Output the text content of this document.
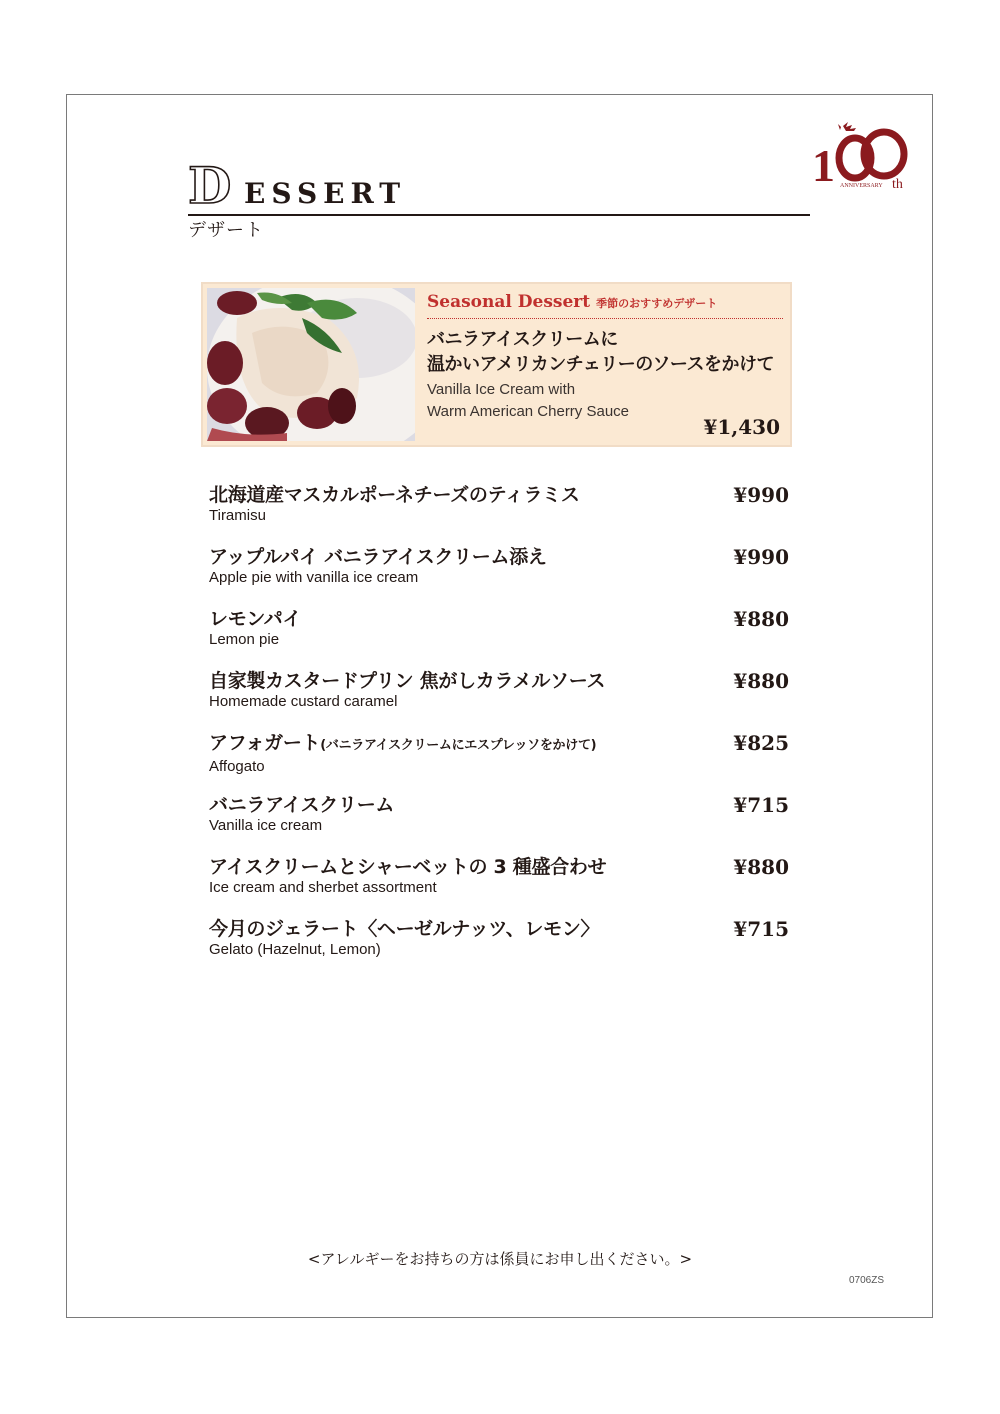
1 ANNIVERSARY th
D ESSERT
デザート
Seasonal Dessert 季節のおすすめデザート
バニラアイスクリームに
温かいアメリカンチェリーのソースをかけて
Vanilla Ice Cream with
Warm American Cherry Sauce
¥1,430
北海道産マスカルポーネチーズのティラミス
Tiramisu
¥990
アップルパイ バニラアイスクリーム添え
Apple pie with vanilla ice cream
¥990
レモンパイ
Lemon pie
¥880
自家製カスタードプリン 焦がしカラメルソース
Homemade custard caramel
¥880
アフォガート(バニラアイスクリームにエスプレッソをかけて)
Affogato
¥825
バニラアイスクリーム
Vanilla ice cream
¥715
アイスクリームとシャーベットの 3 種盛合わせ
Ice cream and sherbet assortment
¥880
今月のジェラート〈ヘーゼルナッツ、レモン〉
Gelato (Hazelnut, Lemon)
¥715
<アレルギーをお持ちの方は係員にお申し出ください。>
0706ZS
